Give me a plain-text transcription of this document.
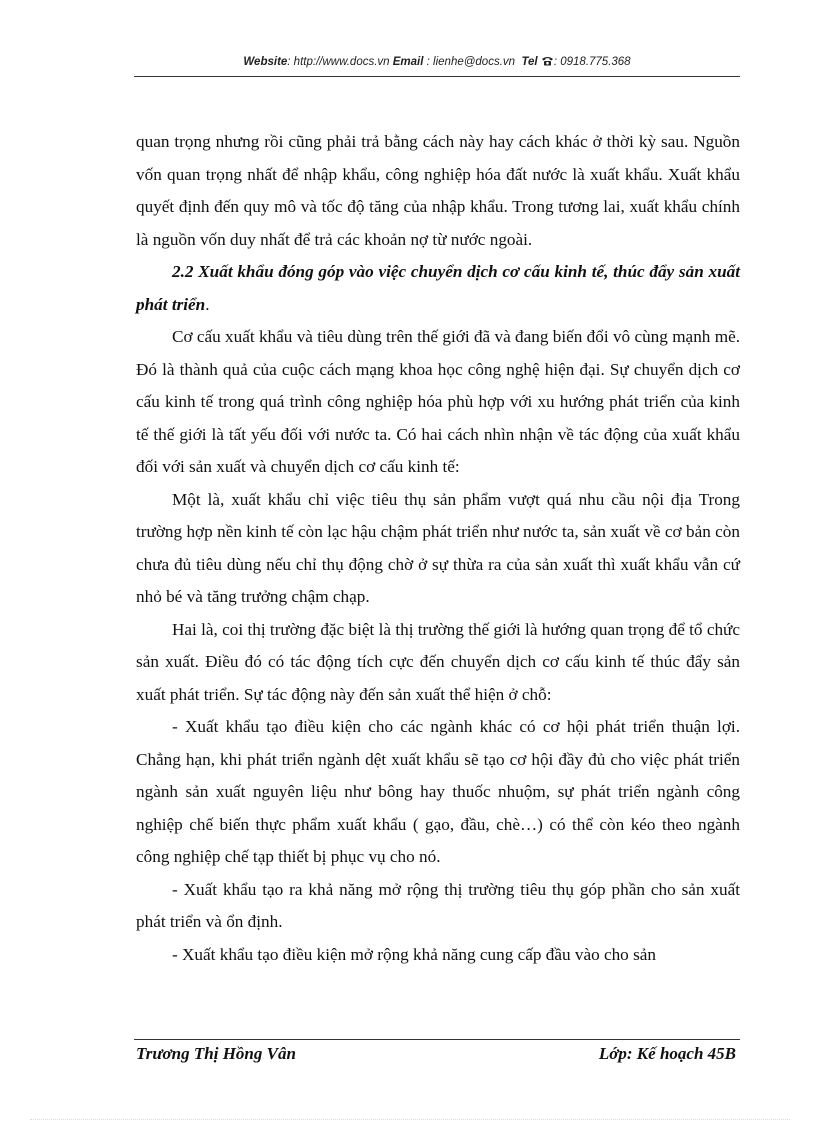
Website: http://www.docs.vn Email : lienhe@docs.vn Tel : 0918.775.368

quan trọng nhưng rồi cũng phải trả bằng cách này hay cách khác ở thời kỳ sau. Nguồn vốn quan trọng nhất để nhập khẩu, công nghiệp hóa đất nước là xuất khẩu. Xuất khẩu quyết định đến quy mô và tốc độ tăng của nhập khẩu. Trong tương lai, xuất khẩu chính là nguồn vốn duy nhất để trả các khoản nợ từ nước ngoài.

2.2 Xuất khẩu đóng góp vào việc chuyển dịch cơ cấu kinh tế, thúc đẩy sản xuất phát triển.

Cơ cấu xuất khẩu và tiêu dùng trên thế giới đã và đang biến đổi vô cùng mạnh mẽ. Đó là thành quả của cuộc cách mạng khoa học công nghệ hiện đại. Sự chuyển dịch cơ cấu kinh tế trong quá trình công nghiệp hóa phù hợp với xu hướng phát triển của kinh tế thế giới là tất yếu đối với nước ta. Có hai cách nhìn nhận về tác động của xuất khẩu đối với sản xuất và chuyển dịch cơ cấu kinh tế:

Một là, xuất khẩu chỉ việc tiêu thụ sản phẩm vượt quá nhu cầu nội địa Trong trường hợp nền kinh tế còn lạc hậu chậm phát triển như nước ta, sản xuất về cơ bản còn chưa đủ tiêu dùng nếu chỉ thụ động chờ ở sự thừa ra của sản xuất thì xuất khẩu vẫn cứ nhỏ bé và tăng trưởng chậm chạp.

Hai là, coi thị trường đặc biệt là thị trường thế giới là hướng quan trọng để tổ chức sản xuất. Điều đó có tác động tích cực đến chuyển dịch cơ cấu kinh tế thúc đẩy sản xuất phát triển. Sự tác động này đến sản xuất thể hiện ở chỗ:

- Xuất khẩu tạo điều kiện cho các ngành khác có cơ hội phát triển thuận lợi. Chẳng hạn, khi phát triển ngành dệt xuất khẩu sẽ tạo cơ hội đầy đủ cho việc phát triển ngành sản xuất nguyên liệu như bông hay thuốc nhuộm, sự phát triển ngành công nghiệp chế biến thực phẩm xuất khẩu ( gạo, đầu, chè…) có thể còn kéo theo ngành công nghiệp chế tạp thiết bị phục vụ cho nó.

- Xuất khẩu tạo ra khả năng mở rộng thị trường tiêu thụ góp phần cho sản xuất phát triển và ổn định.

- Xuất khẩu tạo điều kiện mở rộng khả năng cung cấp đầu vào cho sản

Trương Thị Hồng Vân	Lớp: Kế hoạch 45B
